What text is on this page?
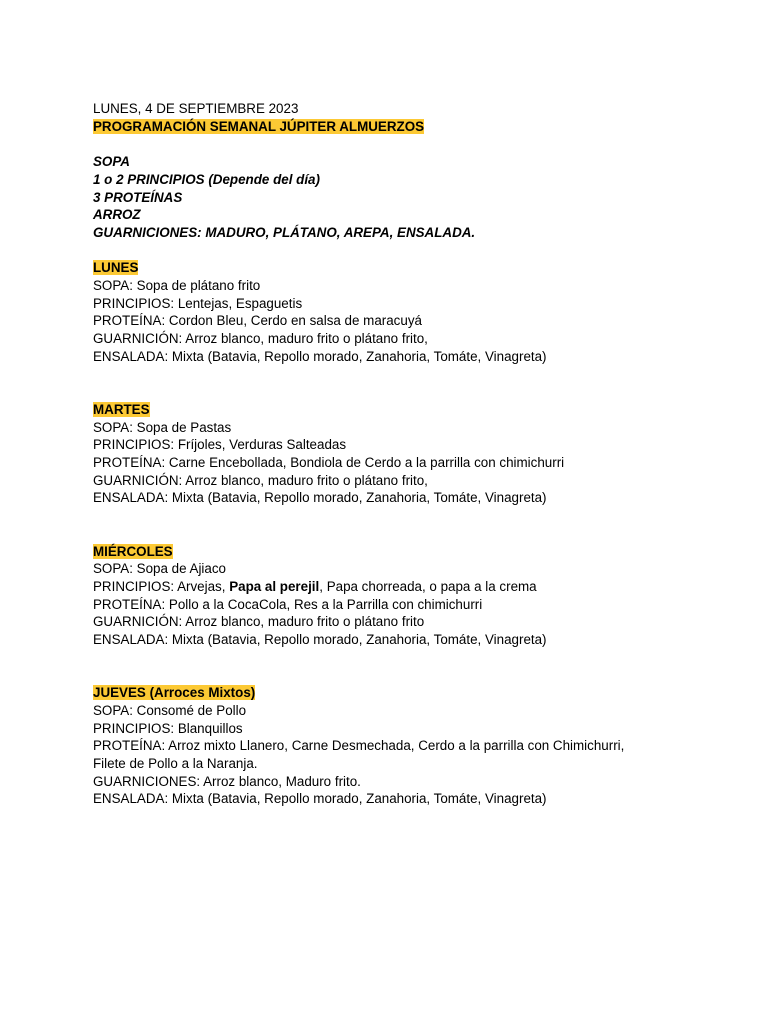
LUNES, 4 DE SEPTIEMBRE 2023

PROGRAMACIÓN SEMANAL JÚPITER ALMUERZOS

SOPA

1 o 2 PRINCIPIOS (Depende del día)

3 PROTEÍNAS

ARROZ

GUARNICIONES: MADURO, PLÁTANO, AREPA, ENSALADA.

LUNES

SOPA: Sopa de plátano frito

PRINCIPIOS: Lentejas, Espaguetis

PROTEÍNA: Cordon Bleu, Cerdo en salsa de maracuyá

GUARNICIÓN: Arroz blanco, maduro frito o plátano frito,

ENSALADA: Mixta (Batavia, Repollo morado, Zanahoria, Tomáte, Vinagreta)

MARTES

SOPA: Sopa de Pastas

PRINCIPIOS: Fríjoles, Verduras Salteadas

PROTEÍNA: Carne Encebollada, Bondiola de Cerdo a la parrilla con chimichurri

GUARNICIÓN: Arroz blanco, maduro frito o plátano frito,

ENSALADA: Mixta (Batavia, Repollo morado, Zanahoria, Tomáte, Vinagreta)

MIÉRCOLES

SOPA: Sopa de Ajiaco

PRINCIPIOS: Arvejas, Papa al perejil, Papa chorreada, o papa a la crema

PROTEÍNA: Pollo a la CocaCola, Res a la Parrilla con chimichurri

GUARNICIÓN: Arroz blanco, maduro frito o plátano frito

ENSALADA: Mixta (Batavia, Repollo morado, Zanahoria, Tomáte, Vinagreta)

JUEVES (Arroces Mixtos)

SOPA: Consomé de Pollo

PRINCIPIOS: Blanquillos

PROTEÍNA: Arroz mixto Llanero, Carne Desmechada, Cerdo a la parrilla con Chimichurri,

Filete de Pollo a la Naranja.

GUARNICIONES: Arroz blanco, Maduro frito.

ENSALADA: Mixta (Batavia, Repollo morado, Zanahoria, Tomáte, Vinagreta)
